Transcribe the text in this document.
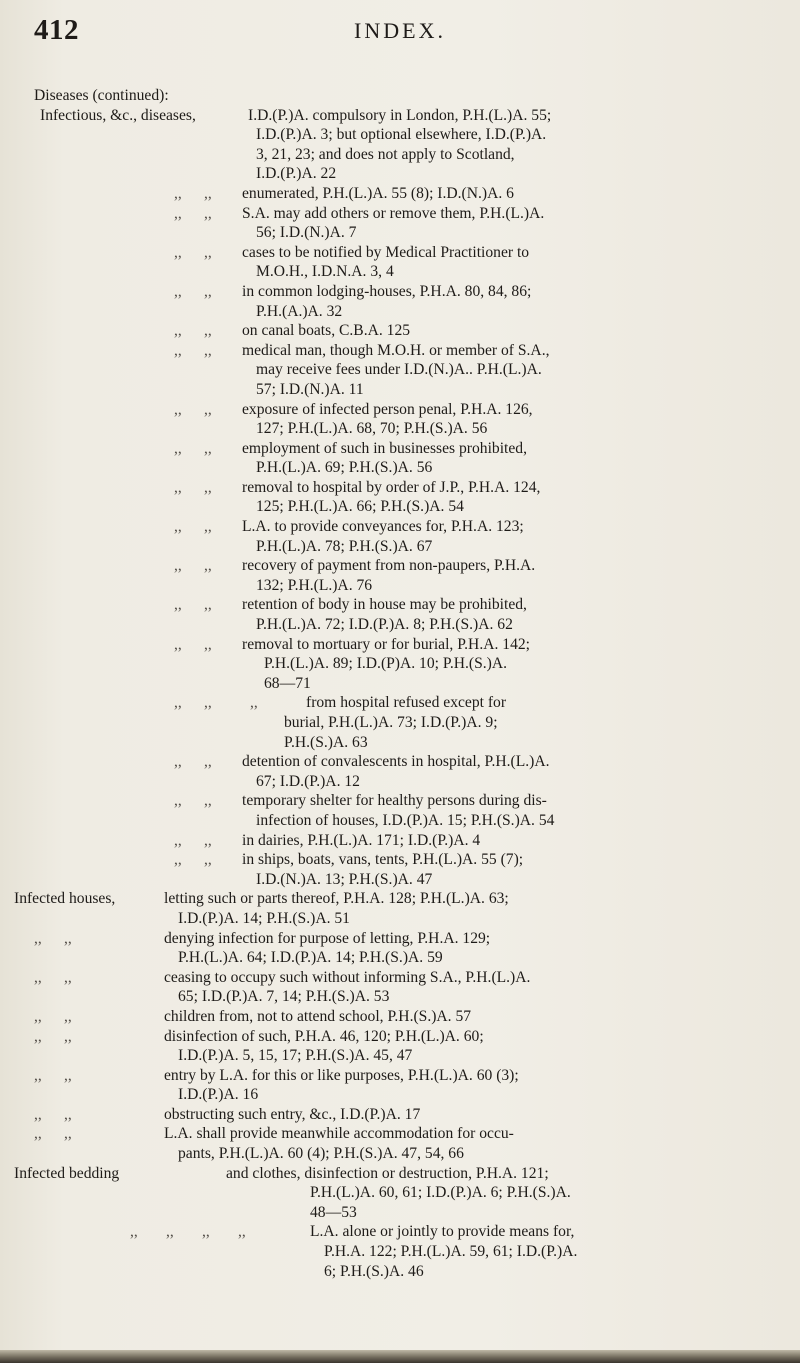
412	INDEX.
Diseases (continued):
Infectious, &c., diseases,	I.D.(P.)A. compulsory in London, P.H.(L.)A. 55;
I.D.(P.)A. 3; but optional elsewhere, I.D.(P.)A.
3, 21, 23; and does not apply to Scotland,
I.D.(P.)A. 22
,, ,,	enumerated, P.H.(L.)A. 55 (8); I.D.(N.)A. 6
,, ,,	S.A. may add others or remove them, P.H.(L.)A.
56; I.D.(N.)A. 7
,, ,,	cases to be notified by Medical Practitioner to
M.O.H., I.D.N.A. 3, 4
,, ,,	in common lodging-houses, P.H.A. 80, 84, 86;
P.H.(A.)A. 32
,, ,,	on canal boats, C.B.A. 125
,, ,,	medical man, though M.O.H. or member of S.A.,
may receive fees under I.D.(N.)A.. P.H.(L.)A.
57; I.D.(N.)A. 11
,, ,,	exposure of infected person penal, P.H.A. 126,
127; P.H.(L.)A. 68, 70; P.H.(S.)A. 56
,, ,,	employment of such in businesses prohibited,
P.H.(L.)A. 69; P.H.(S.)A. 56
,, ,,	removal to hospital by order of J.P., P.H.A. 124,
125; P.H.(L.)A. 66; P.H.(S.)A. 54
,, ,,	L.A. to provide conveyances for, P.H.A. 123;
P.H.(L.)A. 78; P.H.(S.)A. 67
,, ,,	recovery of payment from non-paupers, P.H.A.
132; P.H.(L.)A. 76
,, ,,	retention of body in house may be prohibited,
P.H.(L.)A. 72; I.D.(P.)A. 8; P.H.(S.)A. 62
,, ,,	removal to mortuary or for burial, P.H.A. 142;
P.H.(L.)A. 89; I.D.(P)A. 10; P.H.(S.)A.
68—71
,, ,,	,,	from hospital refused except for
burial, P.H.(L.)A. 73; I.D.(P.)A. 9;
P.H.(S.)A. 63
,, ,,	detention of convalescents in hospital, P.H.(L.)A.
67; I.D.(P.)A. 12
,, ,,	temporary shelter for healthy persons during dis-
infection of houses, I.D.(P.)A. 15; P.H.(S.)A. 54
,, ,,	in dairies, P.H.(L.)A. 171; I.D.(P.)A. 4
,, ,,	in ships, boats, vans, tents, P.H.(L.)A. 55 (7);
I.D.(N.)A. 13; P.H.(S.)A. 47
Infected houses,	letting such or parts thereof, P.H.A. 128; P.H.(L.)A. 63;
I.D.(P.)A. 14; P.H.(S.)A. 51
,, ,,	denying infection for purpose of letting, P.H.A. 129;
P.H.(L.)A. 64; I.D.(P.)A. 14; P.H.(S.)A. 59
,, ,,	ceasing to occupy such without informing S.A., P.H.(L.)A.
65; I.D.(P.)A. 7, 14; P.H.(S.)A. 53
,, ,,	children from, not to attend school, P.H.(S.)A. 57
,, ,,	disinfection of such, P.H.A. 46, 120; P.H.(L.)A. 60;
I.D.(P.)A. 5, 15, 17; P.H.(S.)A. 45, 47
,, ,,	entry by L.A. for this or like purposes, P.H.(L.)A. 60 (3);
I.D.(P.)A. 16
,, ,,	obstructing such entry, &c., I.D.(P.)A. 17
,, ,,	L.A. shall provide meanwhile accommodation for occu-
pants, P.H.(L.)A. 60 (4); P.H.(S.)A. 47, 54, 66
Infected bedding	and clothes, disinfection or destruction, P.H.A. 121;
P.H.(L.)A. 60, 61; I.D.(P.)A. 6; P.H.(S.)A.
48—53
,, ,, ,, ,,	L.A. alone or jointly to provide means for,
P.H.A. 122; P.H.(L.)A. 59, 61; I.D.(P.)A.
6; P.H.(S.)A. 46
